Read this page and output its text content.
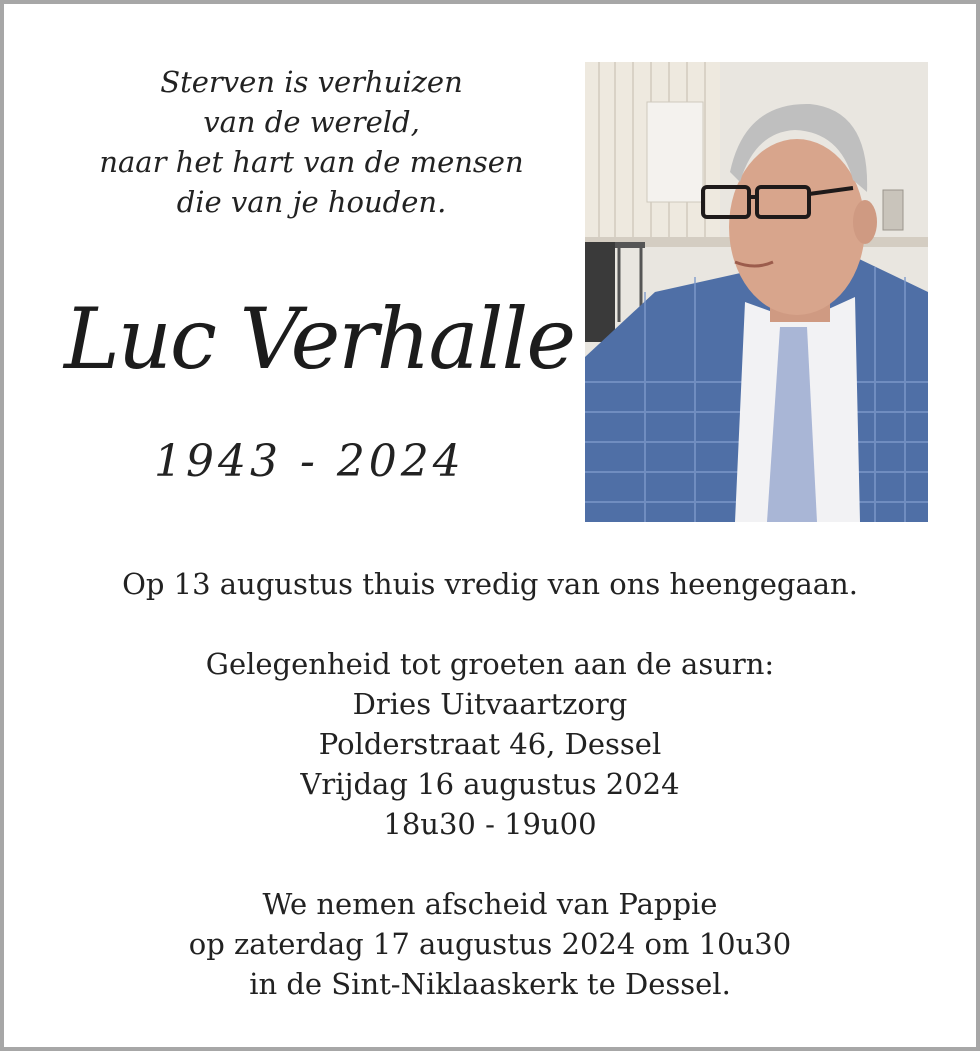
Sterven is verhuizen
van de wereld,
naar het hart van de mensen
die van je houden.
Luc Verhalle
1943 - 2024
Op 13 augustus thuis vredig van ons heengegaan.
Gelegenheid tot groeten aan de asurn:
Dries Uitvaartzorg
Polderstraat 46, Dessel
Vrijdag 16 augustus 2024
18u30 - 19u00
We nemen afscheid van Pappie
op zaterdag 17 augustus 2024 om 10u30
in de Sint-Niklaaskerk te Dessel.
